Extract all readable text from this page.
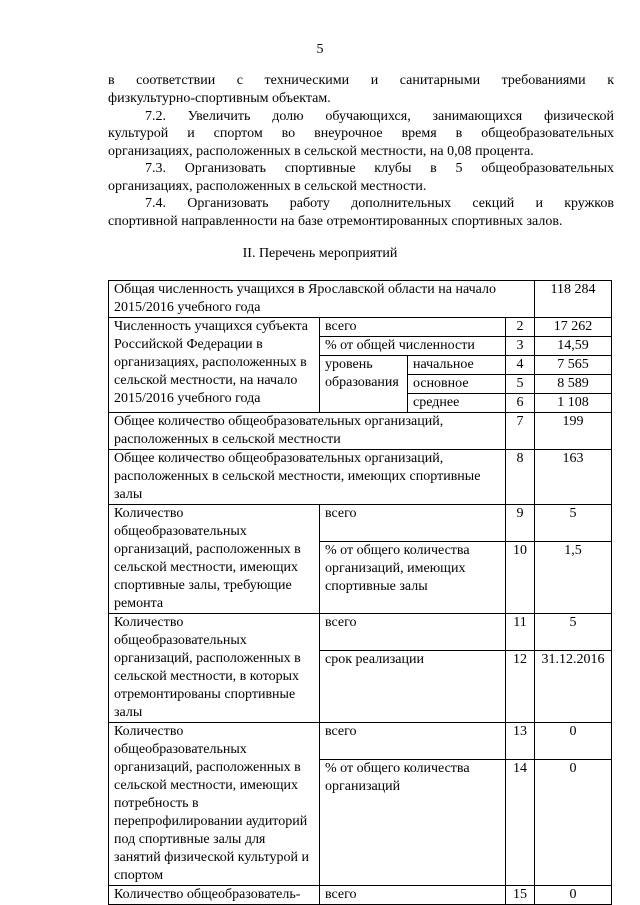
5
в соответствии с техническими и санитарными требованиями к
физкультурно-спортивным объектам.
7.2. Увеличить долю обучающихся, занимающихся физической
культурой и спортом во внеурочное время в общеобразовательных
организациях, расположенных в сельской местности, на 0,08 процента.
7.3. Организовать спортивные клубы в 5 общеобразовательных
организациях, расположенных в сельской местности.
7.4. Организовать работу дополнительных секций и кружков
спортивной направленности на базе отремонтированных спортивных залов.
II. Перечень мероприятий
Общая численность учащихся в Ярославской области на начало 2015/2016 учебного года				118 284
Численность учащихся субъекта Российской Федерации в организациях, расположенных в сельской местности, на начало 2015/2016 учебного года	всего		2	17 262
	% от общей численности		3	14,59
	уровень образования	начальное	4	7 565
		основное	5	8 589
		среднее	6	1 108
Общее количество общеобразовательных организаций, расположенных в сельской местности			7	199
Общее количество общеобразовательных организаций, расположенных в сельской местности, имеющих спортивные залы			8	163
Количество общеобразовательных организаций, расположенных в сельской местности, имеющих спортивные залы, требующие ремонта	всего		9	5
	% от общего количества организаций, имеющих спортивные залы		10	1,5
Количество общеобразовательных организаций, расположенных в сельской местности, в которых отремонтированы спортивные залы	всего		11	5
	срок реализации		12	31.12.2016
Количество общеобразовательных организаций, расположенных в сельской местности, имеющих потребность в перепрофилировании аудиторий под спортивные залы для занятий физической культурой и спортом	всего		13	0
	% от общего количества организаций		14	0
Количество общеобразователь-	всего		15	0
